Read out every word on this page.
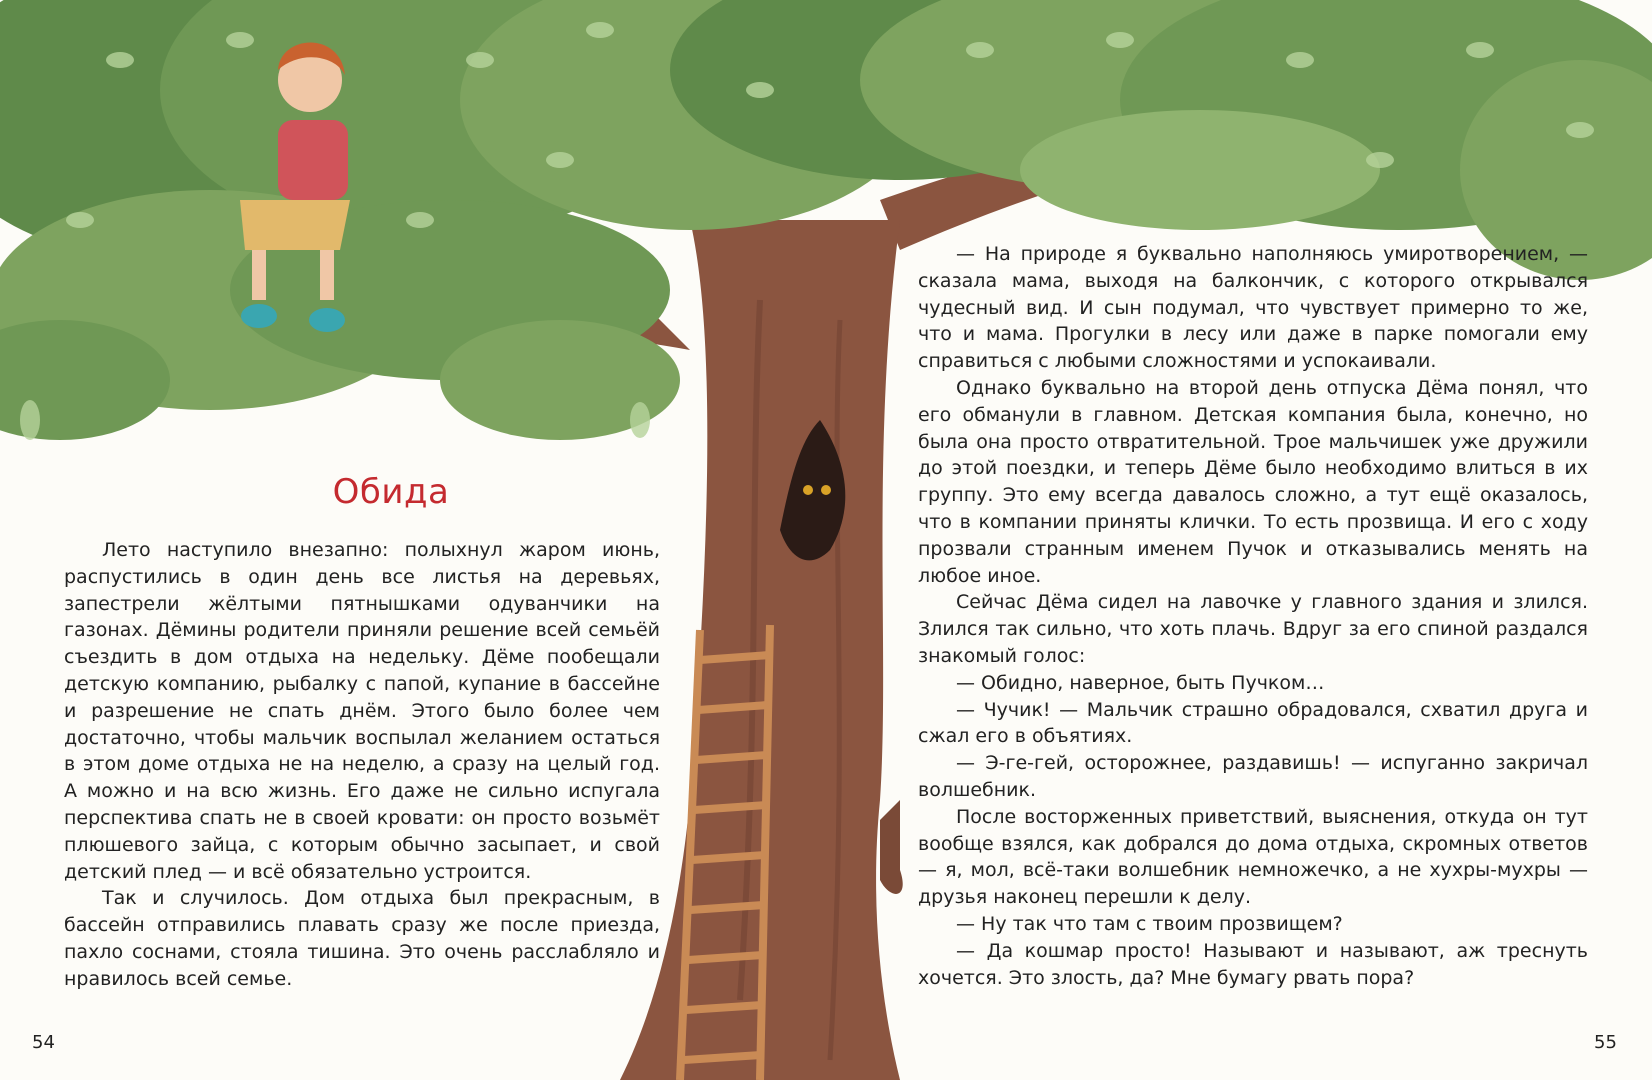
Обида

Лето наступило внезапно: полыхнул жаром июнь, распустились в один день все листья на деревьях, запестрели жёлтыми пятнышками одуванчики на газонах. Дёмины родители приняли решение всей семьёй съездить в дом отдыха на недельку. Дёме пообещали детскую компанию, рыбалку с папой, купание в бассейне и разрешение не спать днём. Этого было более чем достаточно, чтобы мальчик воспылал желанием остаться в этом доме отдыха не на неделю, а сразу на целый год. А можно и на всю жизнь. Его даже не сильно испугала перспектива спать не в своей кровати: он просто возьмёт плюшевого зайца, с которым обычно засыпает, и свой детский плед — и всё обязательно устроится.

Так и случилось. Дом отдыха был прекрасным, в бассейн отправились плавать сразу же после приезда, пахло соснами, стояла тишина. Это очень расслабляло и нравилось всей семье.

— На природе я буквально наполняюсь умиротворением, — сказала мама, выходя на балкончик, с которого открывался чудесный вид. И сын подумал, что чувствует примерно то же, что и мама. Прогулки в лесу или даже в парке помогали ему справиться с любыми сложностями и успокаивали.

Однако буквально на второй день отпуска Дёма понял, что его обманули в главном. Детская компания была, конечно, но была она просто отвратительной. Трое мальчишек уже дружили до этой поездки, и теперь Дёме было необходимо влиться в их группу. Это ему всегда давалось сложно, а тут ещё оказалось, что в компании приняты клички. То есть прозвища. И его с ходу прозвали странным именем Пучок и отказывались менять на любое иное.

Сейчас Дёма сидел на лавочке у главного здания и злился. Злился так сильно, что хоть плачь. Вдруг за его спиной раздался знакомый голос:

— Обидно, наверное, быть Пучком…

— Чучик! — Мальчик страшно обрадовался, схватил друга и сжал его в объятиях.

— Э-ге-гей, осторожнее, раздавишь! — испуганно закричал волшебник.

После восторженных приветствий, выяснения, откуда он тут вообще взялся, как добрался до дома отдыха, скромных ответов — я, мол, всё-таки волшебник немножечко, а не хухры-мухры — друзья наконец перешли к делу.

— Ну так что там с твоим прозвищем?

— Да кошмар просто! Называют и называют, аж треснуть хочется. Это злость, да? Мне бумагу рвать пора?

54	55
